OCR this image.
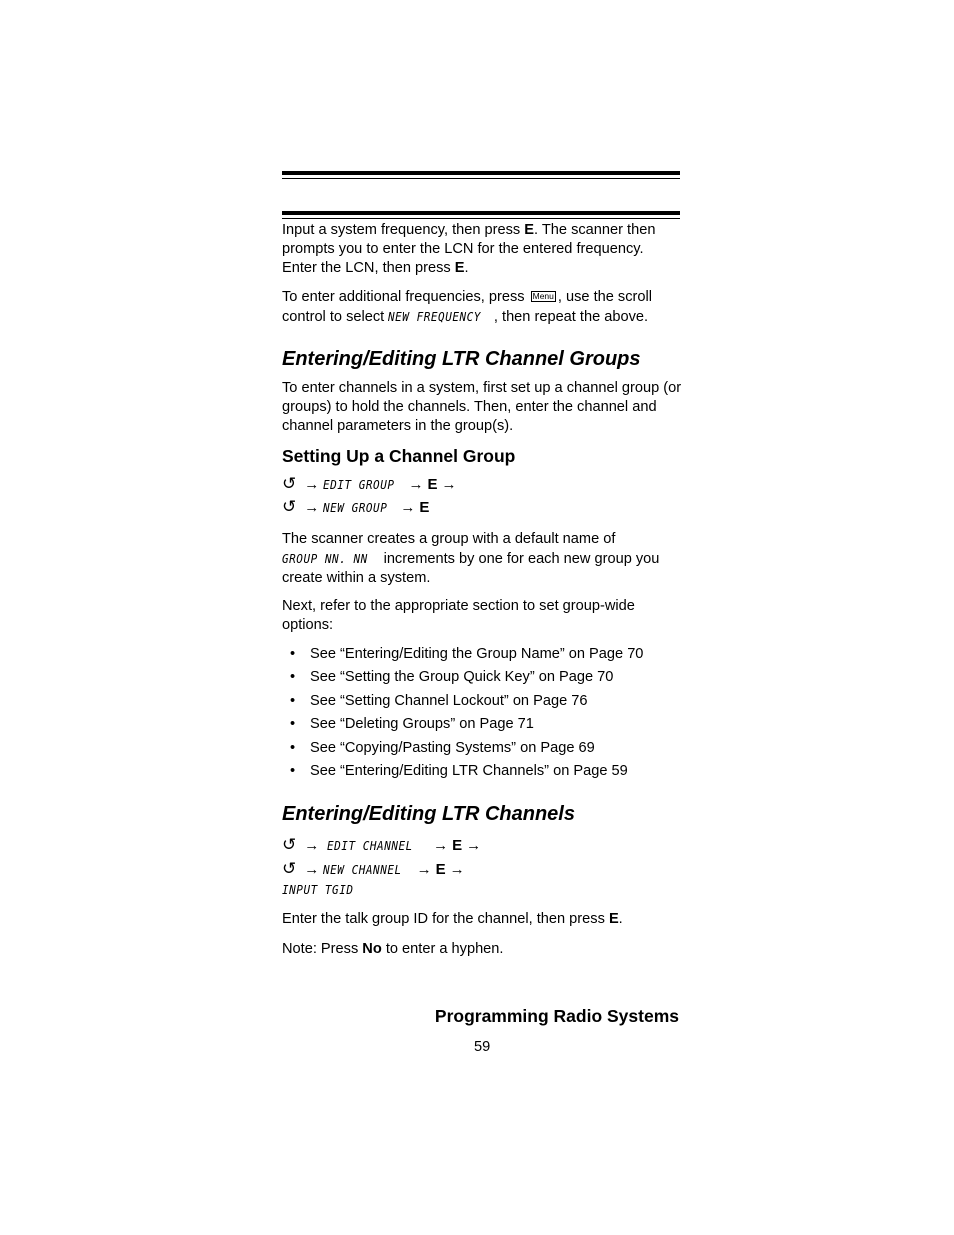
Input a system frequency, then press E. The scanner then prompts you to enter the LCN for the entered frequency. Enter the LCN, then press E.

To enter additional frequencies, press Menu , use the scroll control to select NEW FREQUENCY , then repeat the above.

Entering/Editing LTR Channel Groups

To enter channels in a system, first set up a channel group (or groups) to hold the channels. Then, enter the channel and channel parameters in the group(s).

Setting Up a Channel Group
↺ → EDIT GROUP → E →
↺ → NEW GROUP → E

The scanner creates a group with a default name of GROUP NN. NN increments by one for each new group you create within a system.

Next, refer to the appropriate section to set group-wide options:

• See “Entering/Editing the Group Name” on Page 70
• See “Setting the Group Quick Key” on Page 70
• See “Setting Channel Lockout” on Page 76
• See “Deleting Groups” on Page 71
• See “Copying/Pasting Systems” on Page 69
• See “Entering/Editing LTR Channels” on Page 59
Entering/Editing LTR Channels
↺ → EDIT CHANNEL → E →
↺ → NEW CHANNEL → E →
INPUT TGID

Enter the talk group ID for the channel, then press E.

Note: Press No to enter a hyphen.

Programming Radio Systems
59
